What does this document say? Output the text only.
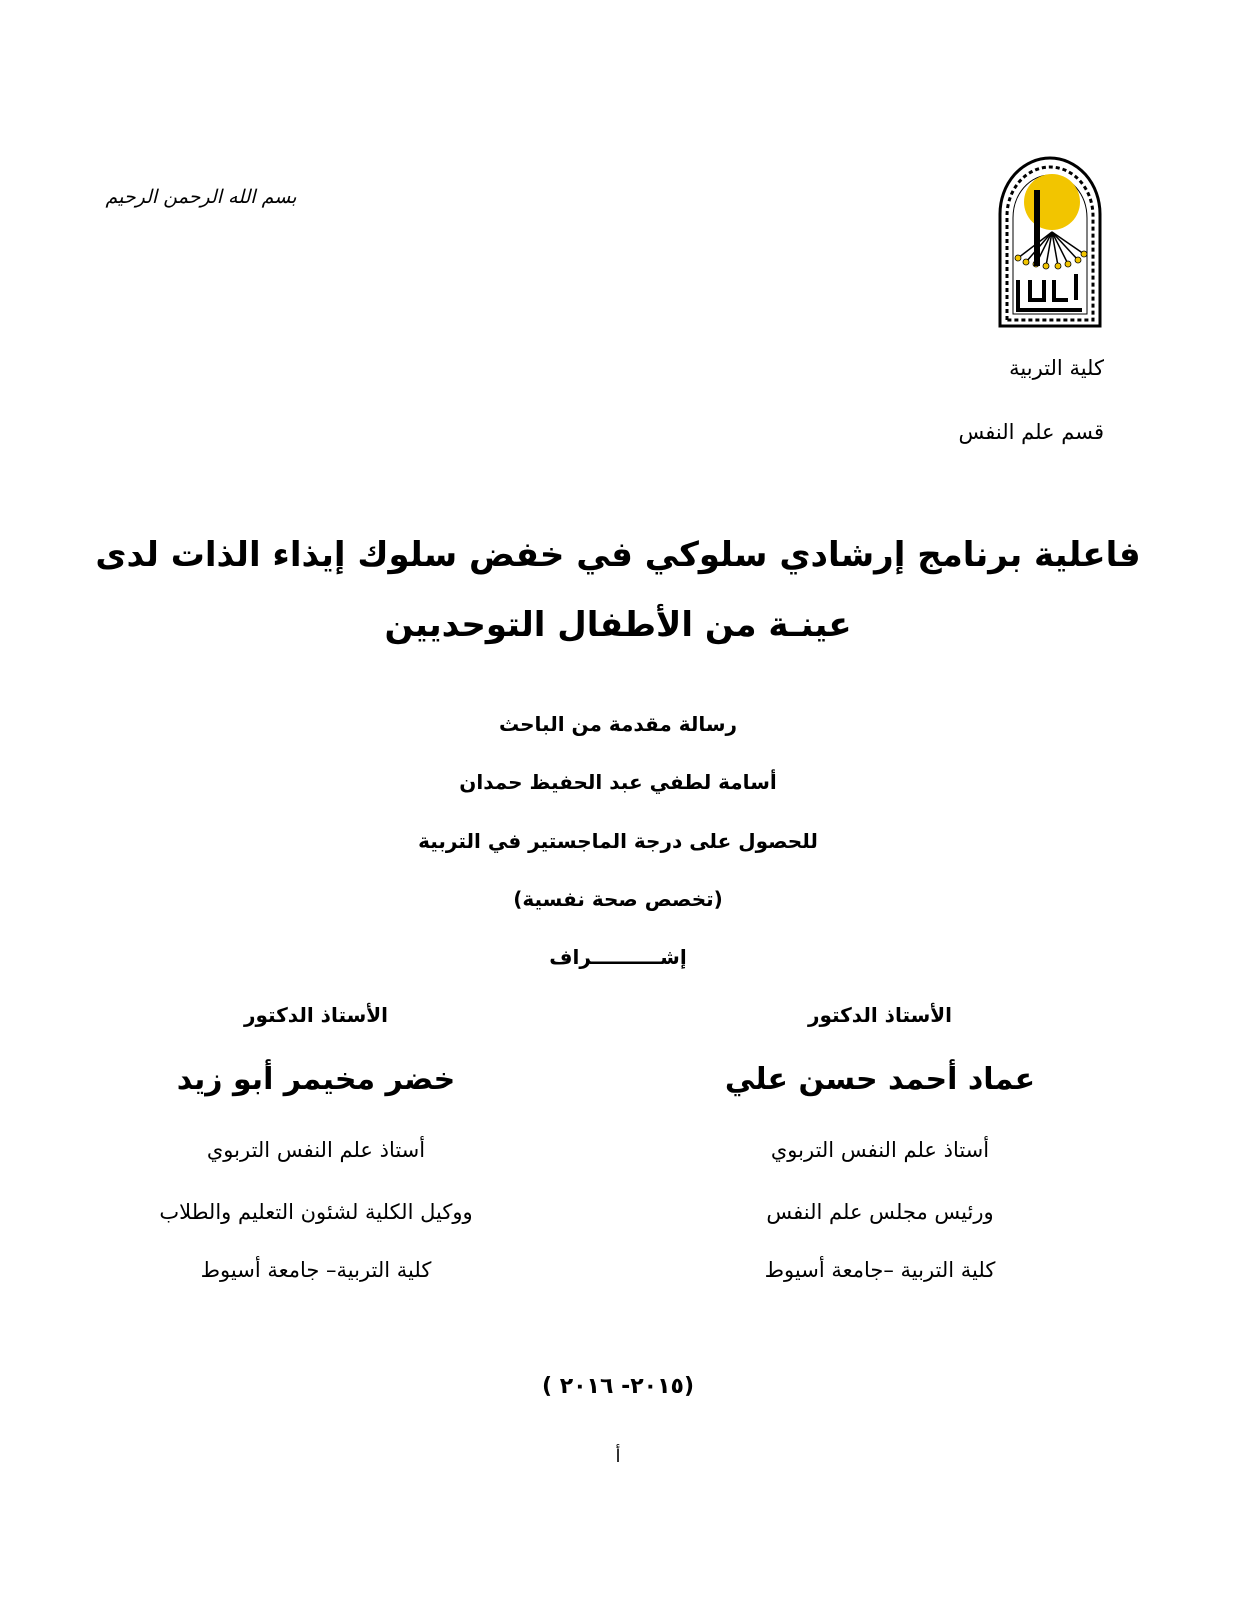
بسم الله الرحمن الرحيم
كلية التربية
قسم علم النفس
فاعلية برنامج إرشادي سلوكي في خفض سلوك إيذاء الذات لدى
عينـة من الأطفال التوحديين
رسالة مقدمة من الباحث
أسامة لطفي عبد الحفيظ حمدان
للحصول على درجة الماجستير في التربية
(تخصص صحة نفسية)
إشــــــــــراف
الأستاذ الدكتور
عماد أحمد حسن علي
أستاذ علم النفس التربوي
ورئيس مجلس علم النفس
كلية التربية –جامعة أسيوط
الأستاذ الدكتور
خضر مخيمر أبو زيد
أستاذ علم النفس التربوي
ووكيل الكلية لشئون التعليم والطلاب
كلية التربية– جامعة أسيوط
(٢٠١٥- ٢٠١٦ )
أ
